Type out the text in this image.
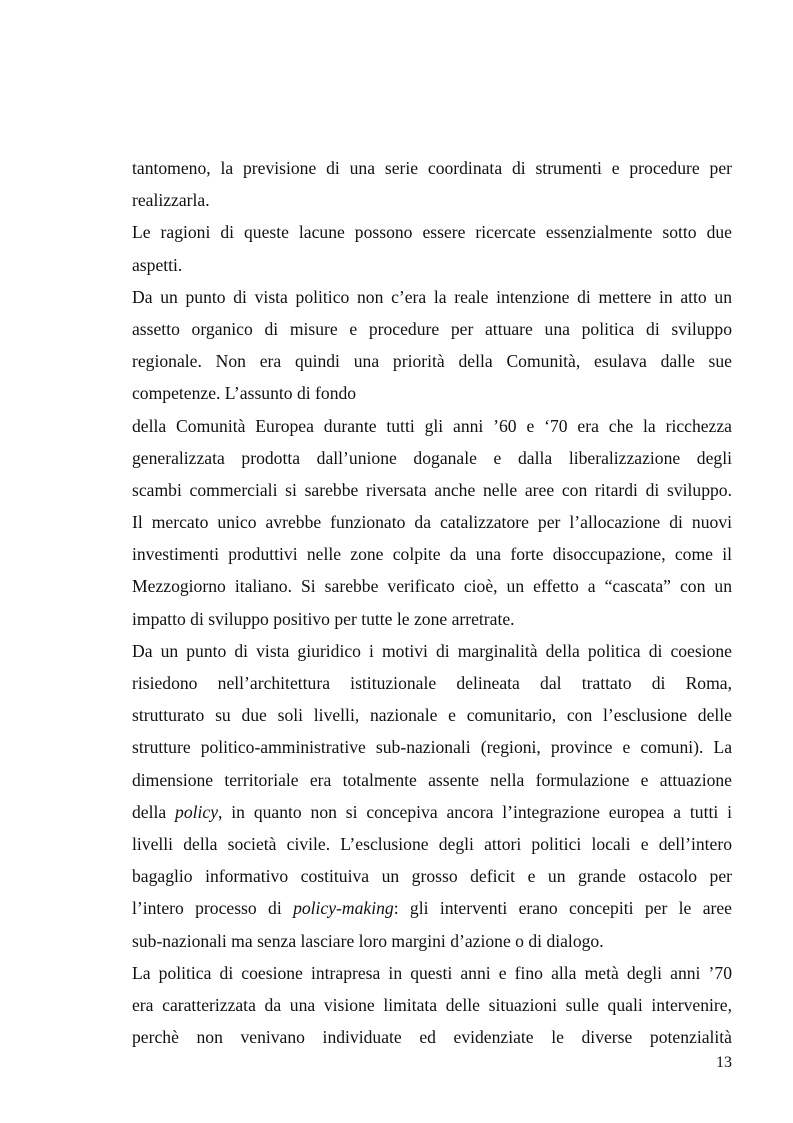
tantomeno, la previsione di una serie coordinata di strumenti e procedure per
realizzarla.
Le ragioni di queste lacune possono essere ricercate essenzialmente sotto due
aspetti.
Da un punto di vista politico non c’era la reale intenzione di mettere in atto un
assetto organico di misure e procedure per attuare una politica di sviluppo
regionale. Non era quindi una priorità della Comunità, esulava dalle sue
competenze. L’assunto di fondo
della Comunità Europea durante tutti gli anni ’60 e ‘70 era che la ricchezza
generalizzata prodotta dall’unione doganale e dalla liberalizzazione degli
scambi commerciali si sarebbe riversata anche nelle aree con ritardi di sviluppo.
Il mercato unico avrebbe funzionato da catalizzatore per l’allocazione di nuovi
investimenti produttivi nelle zone colpite da una forte disoccupazione, come il
Mezzogiorno italiano. Si sarebbe verificato cioè, un effetto a “cascata” con un
impatto di sviluppo positivo per tutte le zone arretrate.
Da un punto di vista giuridico i motivi di marginalità della politica di coesione
risiedono nell’architettura istituzionale delineata dal trattato di Roma,
strutturato su due soli livelli, nazionale e comunitario, con l’esclusione delle
strutture politico-amministrative sub-nazionali (regioni, province e comuni). La
dimensione territoriale era totalmente assente nella formulazione e attuazione
della policy, in quanto non si concepiva ancora l’integrazione europea a tutti i
livelli della società civile. L’esclusione degli attori politici locali e dell’intero
bagaglio informativo costituiva un grosso deficit e un grande ostacolo per
l’intero processo di policy-making: gli interventi erano concepiti per le aree
sub-nazionali ma senza lasciare loro margini d’azione o di dialogo.
La politica di coesione intrapresa in questi anni e fino alla metà degli anni ’70
era caratterizzata da una visione limitata delle situazioni sulle quali intervenire,
perchè non venivano individuate ed evidenziate le diverse potenzialità
13
